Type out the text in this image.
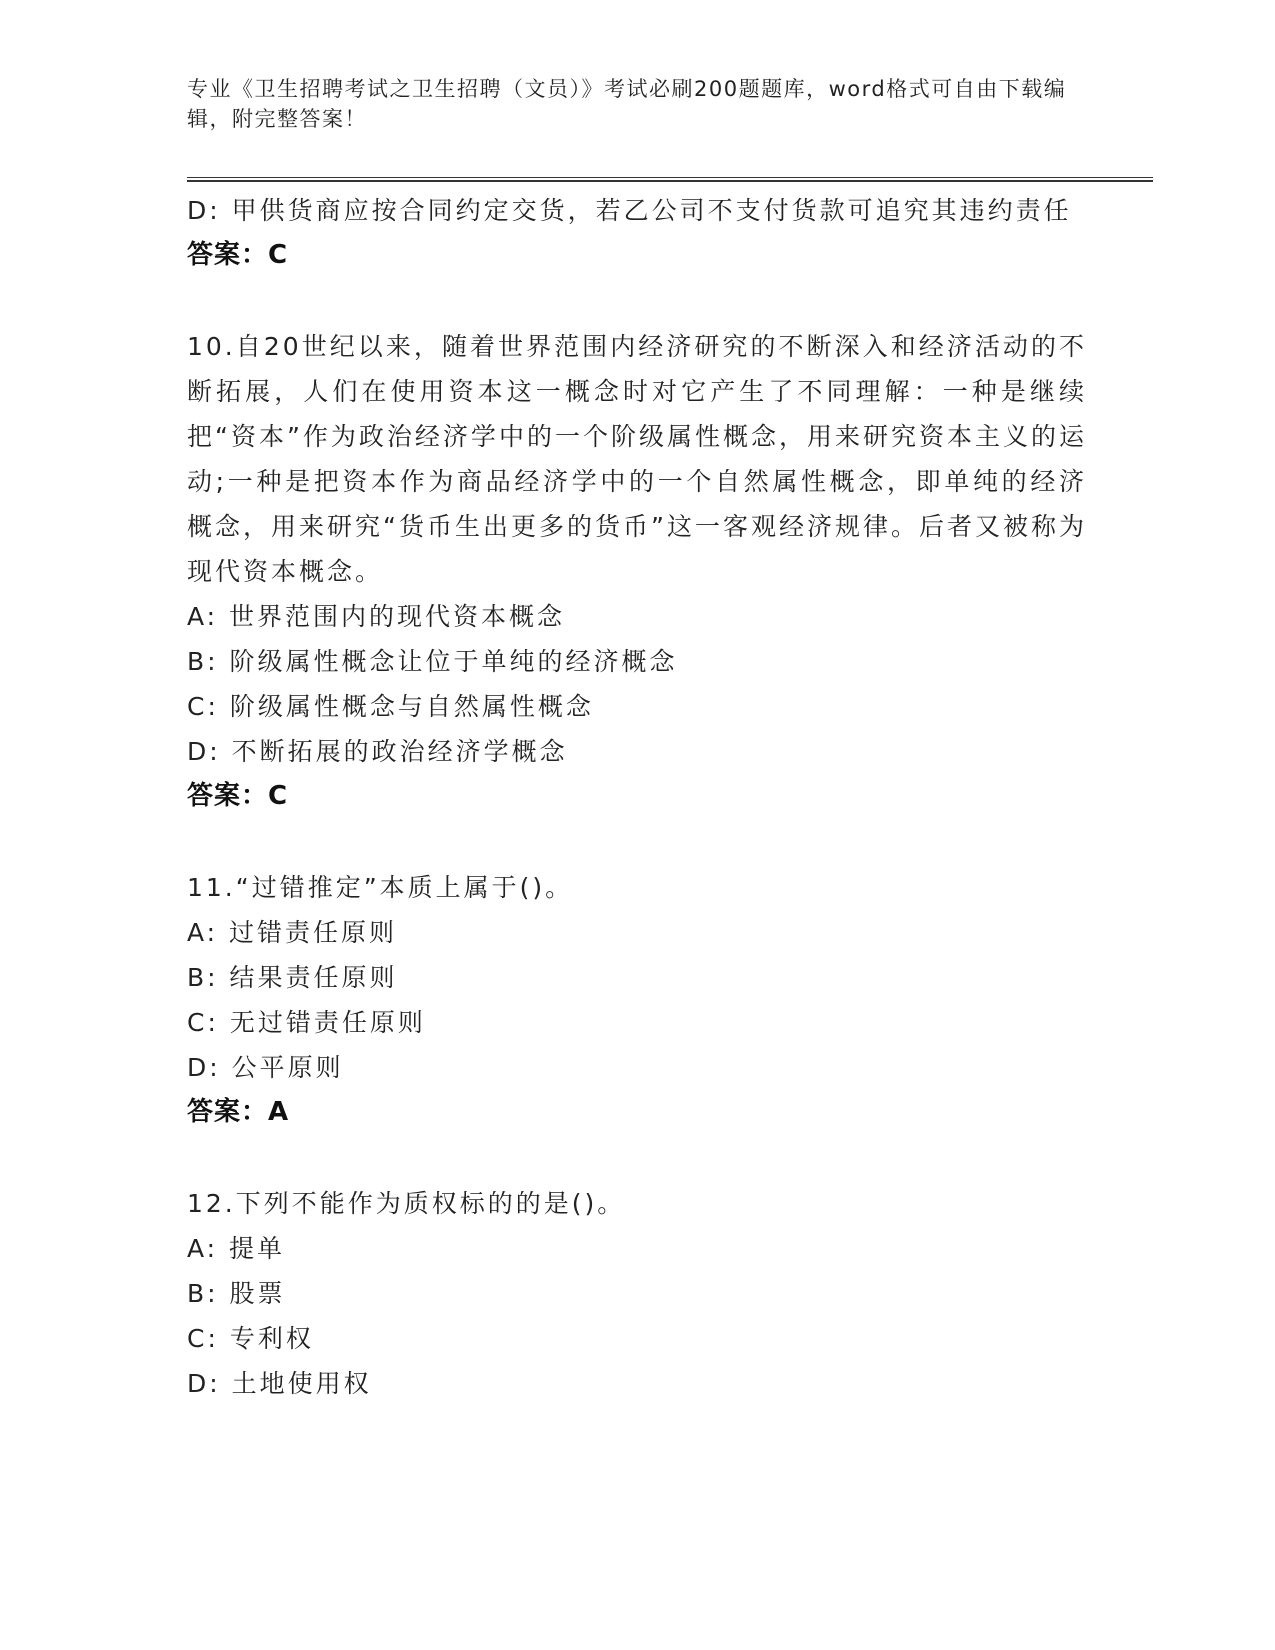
专业《卫生招聘考试之卫生招聘（文员）》考试必刷200题题库，word格式可自由下载编辑，附完整答案！
D: 甲供货商应按合同约定交货，若乙公司不支付货款可追究其违约责任
答案：C
10.自20世纪以来，随着世界范围内经济研究的不断深入和经济活动的不断拓展，人们在使用资本这一概念时对它产生了不同理解：一种是继续把“资本”作为政治经济学中的一个阶级属性概念，用来研究资本主义的运动;一种是把资本作为商品经济学中的一个自然属性概念，即单纯的经济概念，用来研究“货币生出更多的货币”这一客观经济规律。后者又被称为现代资本概念。
A: 世界范围内的现代资本概念
B: 阶级属性概念让位于单纯的经济概念
C: 阶级属性概念与自然属性概念
D: 不断拓展的政治经济学概念
答案：C
11.“过错推定”本质上属于()。
A: 过错责任原则
B: 结果责任原则
C: 无过错责任原则
D: 公平原则
答案：A
12.下列不能作为质权标的的是()。
A: 提单
B: 股票
C: 专利权
D: 土地使用权
